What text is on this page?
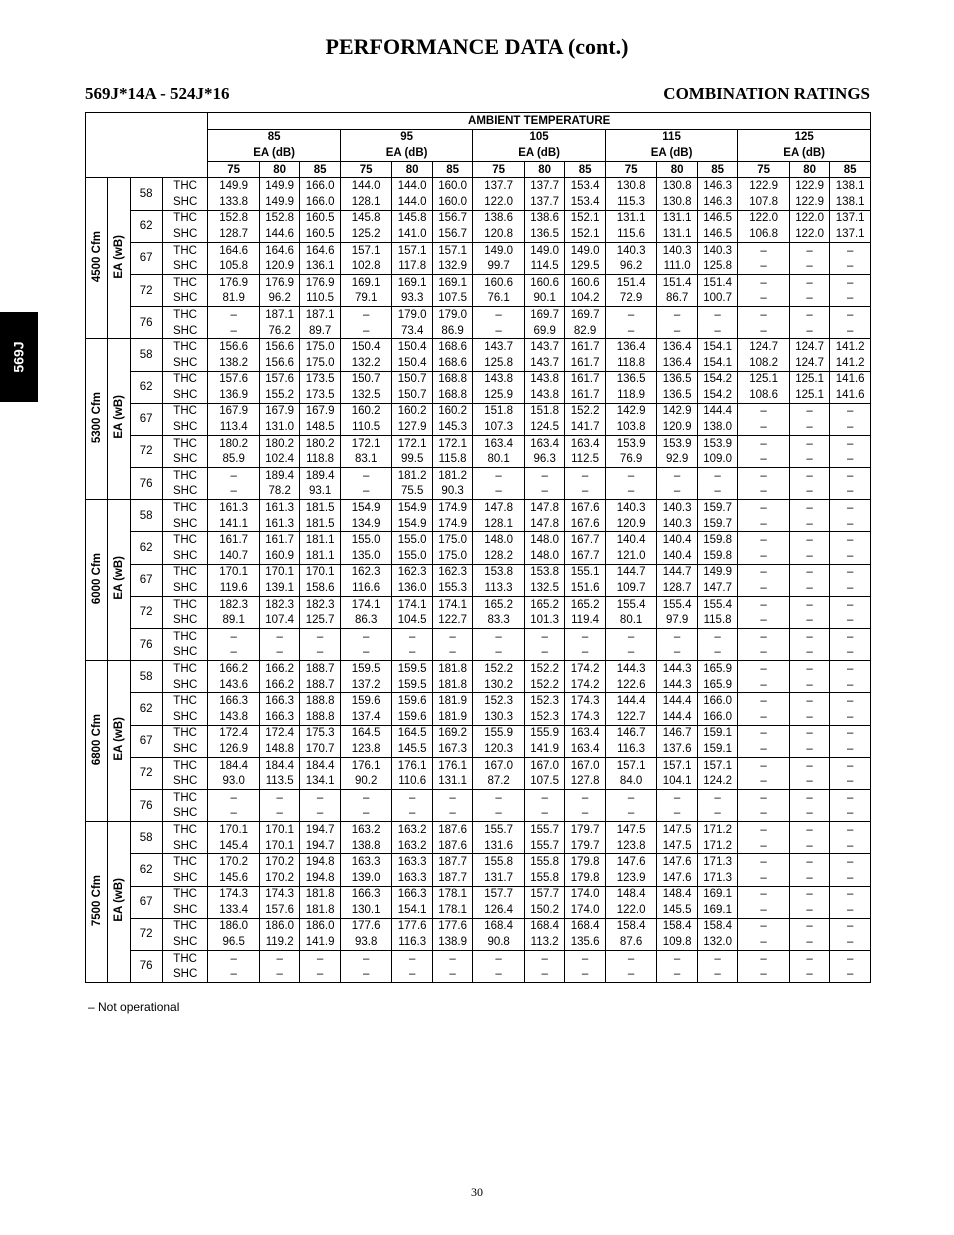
PERFORMANCE DATA (cont.)
569J*14A - 524J*16	COMBINATION RATINGS
569J
				AMBIENT TEMPERATURE														
				85			95			105			115			125		
				EA (dB)			EA (dB)			EA (dB)			EA (dB)			EA (dB)		
				75	80	85	75	80	85	75	80	85	75	80	85	75	80	85
4500 Cfm	EA (wB)	58	THC	149.9	149.9	166.0	144.0	144.0	160.0	137.7	137.7	153.4	130.8	130.8	146.3	122.9	122.9	138.1
			SHC	133.8	149.9	166.0	128.1	144.0	160.0	122.0	137.7	153.4	115.3	130.8	146.3	107.8	122.9	138.1
		62	THC	152.8	152.8	160.5	145.8	145.8	156.7	138.6	138.6	152.1	131.1	131.1	146.5	122.0	122.0	137.1
			SHC	128.7	144.6	160.5	125.2	141.0	156.7	120.8	136.5	152.1	115.6	131.1	146.5	106.8	122.0	137.1
		67	THC	164.6	164.6	164.6	157.1	157.1	157.1	149.0	149.0	149.0	140.3	140.3	140.3	–	–	–
			SHC	105.8	120.9	136.1	102.8	117.8	132.9	99.7	114.5	129.5	96.2	111.0	125.8	–	–	–
		72	THC	176.9	176.9	176.9	169.1	169.1	169.1	160.6	160.6	160.6	151.4	151.4	151.4	–	–	–
			SHC	81.9	96.2	110.5	79.1	93.3	107.5	76.1	90.1	104.2	72.9	86.7	100.7	–	–	–
		76	THC	–	187.1	187.1	–	179.0	179.0	–	169.7	169.7	–	–	–	–	–	–
			SHC	–	76.2	89.7	–	73.4	86.9	–	69.9	82.9	–	–	–	–	–	–
5300 Cfm	EA (wB)	58	THC	156.6	156.6	175.0	150.4	150.4	168.6	143.7	143.7	161.7	136.4	136.4	154.1	124.7	124.7	141.2
			SHC	138.2	156.6	175.0	132.2	150.4	168.6	125.8	143.7	161.7	118.8	136.4	154.1	108.2	124.7	141.2
		62	THC	157.6	157.6	173.5	150.7	150.7	168.8	143.8	143.8	161.7	136.5	136.5	154.2	125.1	125.1	141.6
			SHC	136.9	155.2	173.5	132.5	150.7	168.8	125.9	143.8	161.7	118.9	136.5	154.2	108.6	125.1	141.6
		67	THC	167.9	167.9	167.9	160.2	160.2	160.2	151.8	151.8	152.2	142.9	142.9	144.4	–	–	–
			SHC	113.4	131.0	148.5	110.5	127.9	145.3	107.3	124.5	141.7	103.8	120.9	138.0	–	–	–
		72	THC	180.2	180.2	180.2	172.1	172.1	172.1	163.4	163.4	163.4	153.9	153.9	153.9	–	–	–
			SHC	85.9	102.4	118.8	83.1	99.5	115.8	80.1	96.3	112.5	76.9	92.9	109.0	–	–	–
		76	THC	–	189.4	189.4	–	181.2	181.2	–	–	–	–	–	–	–	–	–
			SHC	–	78.2	93.1	–	75.5	90.3	–	–	–	–	–	–	–	–	–
6000 Cfm	EA (wB)	58	THC	161.3	161.3	181.5	154.9	154.9	174.9	147.8	147.8	167.6	140.3	140.3	159.7	–	–	–
			SHC	141.1	161.3	181.5	134.9	154.9	174.9	128.1	147.8	167.6	120.9	140.3	159.7	–	–	–
		62	THC	161.7	161.7	181.1	155.0	155.0	175.0	148.0	148.0	167.7	140.4	140.4	159.8	–	–	–
			SHC	140.7	160.9	181.1	135.0	155.0	175.0	128.2	148.0	167.7	121.0	140.4	159.8	–	–	–
		67	THC	170.1	170.1	170.1	162.3	162.3	162.3	153.8	153.8	155.1	144.7	144.7	149.9	–	–	–
			SHC	119.6	139.1	158.6	116.6	136.0	155.3	113.3	132.5	151.6	109.7	128.7	147.7	–	–	–
		72	THC	182.3	182.3	182.3	174.1	174.1	174.1	165.2	165.2	165.2	155.4	155.4	155.4	–	–	–
			SHC	89.1	107.4	125.7	86.3	104.5	122.7	83.3	101.3	119.4	80.1	97.9	115.8	–	–	–
		76	THC	–	–	–	–	–	–	–	–	–	–	–	–	–	–	–
			SHC	–	–	–	–	–	–	–	–	–	–	–	–	–	–	–
6800 Cfm	EA (wB)	58	THC	166.2	166.2	188.7	159.5	159.5	181.8	152.2	152.2	174.2	144.3	144.3	165.9	–	–	–
			SHC	143.6	166.2	188.7	137.2	159.5	181.8	130.2	152.2	174.2	122.6	144.3	165.9	–	–	–
		62	THC	166.3	166.3	188.8	159.6	159.6	181.9	152.3	152.3	174.3	144.4	144.4	166.0	–	–	–
			SHC	143.8	166.3	188.8	137.4	159.6	181.9	130.3	152.3	174.3	122.7	144.4	166.0	–	–	–
		67	THC	172.4	172.4	175.3	164.5	164.5	169.2	155.9	155.9	163.4	146.7	146.7	159.1	–	–	–
			SHC	126.9	148.8	170.7	123.8	145.5	167.3	120.3	141.9	163.4	116.3	137.6	159.1	–	–	–
		72	THC	184.4	184.4	184.4	176.1	176.1	176.1	167.0	167.0	167.0	157.1	157.1	157.1	–	–	–
			SHC	93.0	113.5	134.1	90.2	110.6	131.1	87.2	107.5	127.8	84.0	104.1	124.2	–	–	–
		76	THC	–	–	–	–	–	–	–	–	–	–	–	–	–	–	–
			SHC	–	–	–	–	–	–	–	–	–	–	–	–	–	–	–
7500 Cfm	EA (wB)	58	THC	170.1	170.1	194.7	163.2	163.2	187.6	155.7	155.7	179.7	147.5	147.5	171.2	–	–	–
			SHC	145.4	170.1	194.7	138.8	163.2	187.6	131.6	155.7	179.7	123.8	147.5	171.2	–	–	–
		62	THC	170.2	170.2	194.8	163.3	163.3	187.7	155.8	155.8	179.8	147.6	147.6	171.3	–	–	–
			SHC	145.6	170.2	194.8	139.0	163.3	187.7	131.7	155.8	179.8	123.9	147.6	171.3	–	–	–
		67	THC	174.3	174.3	181.8	166.3	166.3	178.1	157.7	157.7	174.0	148.4	148.4	169.1	–	–	–
			SHC	133.4	157.6	181.8	130.1	154.1	178.1	126.4	150.2	174.0	122.0	145.5	169.1	–	–	–
		72	THC	186.0	186.0	186.0	177.6	177.6	177.6	168.4	168.4	168.4	158.4	158.4	158.4	–	–	–
			SHC	96.5	119.2	141.9	93.8	116.3	138.9	90.8	113.2	135.6	87.6	109.8	132.0	–	–	–
		76	THC	–	–	–	–	–	–	–	–	–	–	–	–	–	–	–
			SHC	–	–	–	–	–	–	–	–	–	–	–	–	–	–	–
– Not operational
30
